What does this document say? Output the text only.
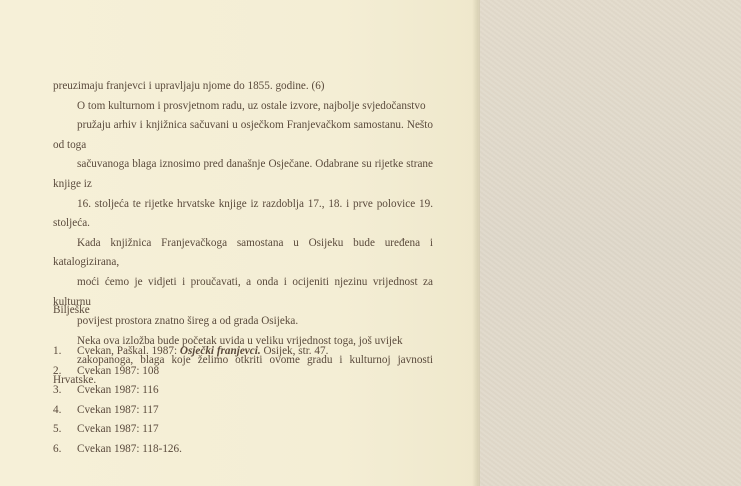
preuzimaju franjevci i upravljaju njome do 1855. godine. (6)

O tom kulturnom i prosvjetnom radu, uz ostale izvore, najbolje svjedočanstvo
pružaju arhiv i knjižnica sačuvani u osječkom Franjevačkom samostanu. Nešto od toga
sačuvanoga blaga iznosimo pred današnje Osječane. Odabrane su rijetke strane knjige iz
16. stoljeća te rijetke hrvatske knjige iz razdoblja 17., 18. i prve polovice 19. stoljeća.

Kada knjižnica Franjevačkoga samostana u Osijeku bude uređena i katalogizirana,
moći ćemo je vidjeti i proučavati, a onda i ocijeniti njezinu vrijednost za kulturnu
povijest prostora znatno šireg a od grada Osijeka.

Neka ova izložba bude početak uvida u veliku vrijednost toga, još uvijek
zakopanoga, blaga koje želimo otkriti ovome gradu i kulturnoj javnosti Hrvatske.

Bilješke
1.	Cvekan, Paškal. 1987: Osječki franjevci. Osijek, str. 47.
2.	Cvekan 1987: 108
3.	Cvekan 1987: 116
4.	Cvekan 1987: 117
5.	Cvekan 1987: 117
6.	Cvekan 1987: 118-126.
